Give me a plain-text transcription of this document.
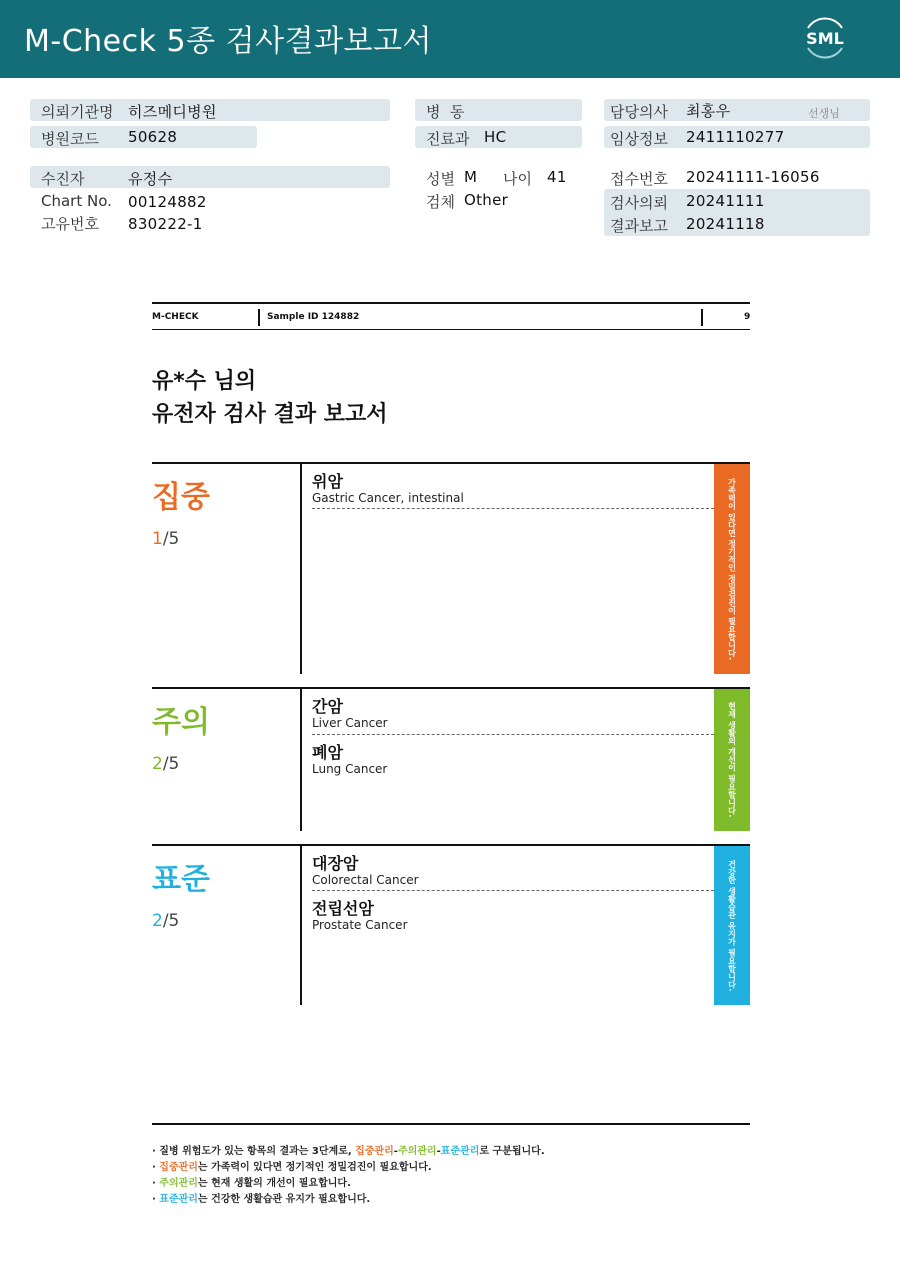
M-Check 5종 검사결과보고서	SML
의뢰기관명 히즈메디병원
병원코드 50628
수진자	유정수
Chart No. 00124882
고유번호 830222-1
병  동
진료과 HC
성별 M 나이 41
검체 Other
담당의사 최홍우	선생님
임상정보 2411110277
접수번호 20241111-16056
검사의뢰 20241111
결과보고 20241118
M-CHECK	Sample ID 124882	9
유*수 님의
유전자 검사 결과 보고서
집중
1/5
위암
Gastric Cancer, intestinal	가족력이 있다면 정기적인 정밀검진이 필요합니다.
주의
2/5
간암
Liver Cancer
폐암
Lung Cancer	현재 생활의 개선이 필요합니다.
표준
2/5
대장암
Colorectal Cancer
전립선암
Prostate Cancer	건강한 생활습관 유지가 필요합니다.
· 질병 위험도가 있는 항목의 결과는 3단계로, 집중관리-주의관리-표준관리로 구분됩니다.
· 집중관리는 가족력이 있다면 정기적인 정밀검진이 필요합니다.
· 주의관리는 현재 생활의 개선이 필요합니다.
· 표준관리는 건강한 생활습관 유지가 필요합니다.
